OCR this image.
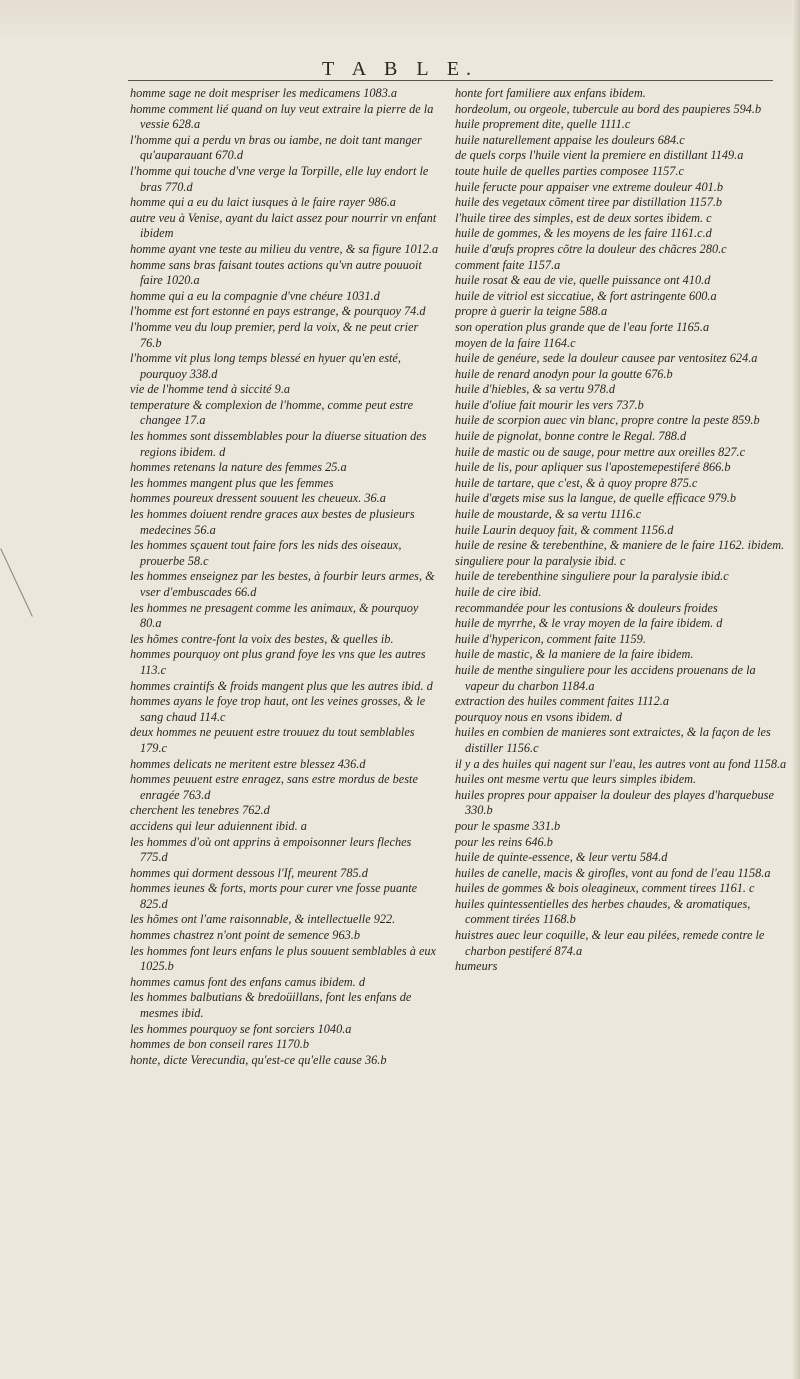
T A B L E.

homme sage ne doit mespriser les medicamens 1083.a

homme comment lié quand on luy veut extraire la pierre de la vessie 628.a

l'homme qui a perdu vn bras ou iambe, ne doit tant manger qu'auparauant 670.d

l'homme qui touche d'vne verge la Torpille, elle luy endort le bras 770.d

homme qui a eu du laict iusques à le faire rayer 986.a

autre veu à Venise, ayant du laict assez pour nourrir vn enfant ibidem

homme ayant vne teste au milieu du ventre, & sa figure 1012.a

homme sans bras faisant toutes actions qu'vn autre pouuoit faire 1020.a

homme qui a eu la compagnie d'vne chéure 1031.d

l'homme est fort estonné en pays estrange, & pourquoy 74.d

l'homme veu du loup premier, perd la voix, & ne peut crier 76.b

l'homme vit plus long temps blessé en hyuer qu'en esté, pourquoy 338.d

vie de l'homme tend à siccité 9.a

temperature & complexion de l'homme, comme peut estre changee 17.a

les hommes sont dissemblables pour la diuerse situation des regions ibidem. d

hommes retenans la nature des femmes 25.a

les hommes mangent plus que les femmes

hommes poureux dressent souuent les cheueux. 36.a

les hommes doiuent rendre graces aux bestes de plusieurs medecines 56.a

les hommes sçauent tout faire fors les nids des oiseaux, prouerbe 58.c

les hommes enseignez par les bestes, à fourbir leurs armes, & vser d'embuscades 66.d

les hommes ne presagent comme les animaux, & pourquoy 80.a

les hõmes contre-font la voix des bestes, & quelles ib.

hommes pourquoy ont plus grand foye les vns que les autres 113.c

hommes craintifs & froids mangent plus que les autres ibid. d

hommes ayans le foye trop haut, ont les veines grosses, & le sang chaud 114.c

deux hommes ne peuuent estre trouuez du tout semblables 179.c

hommes delicats ne meritent estre blessez 436.d

hommes peuuent estre enragez, sans estre mordus de beste enragée 763.d

cherchent les tenebres 762.d

accidens qui leur aduiennent ibid. a

les hommes d'où ont apprins à empoisonner leurs fleches 775.d

hommes qui dorment dessous l'If, meurent 785.d

hommes ieunes & forts, morts pour curer vne fosse puante 825.d

les hõmes ont l'ame raisonnable, & intellectuelle 922.

hommes chastrez n'ont point de semence 963.b

les hommes font leurs enfans le plus souuent semblables à eux 1025.b

hommes camus font des enfans camus ibidem. d

les hommes balbutians & bredoüillans, font les enfans de mesmes ibid.

les hommes pourquoy se font sorciers 1040.a

hommes de bon conseil rares 1170.b

honte, dicte Verecundia, qu'est-ce qu'elle cause 36.b

honte fort familiere aux enfans ibidem.

hordeolum, ou orgeole, tubercule au bord des paupieres 594.b

huile proprement dite, quelle 1111.c

huile naturellement appaise les douleurs 684.c

de quels corps l'huile vient la premiere en distillant 1149.a

toute huile de quelles parties composee 1157.c

huile feructe pour appaiser vne extreme douleur 401.b

huile des vegetaux cõment tiree par distillation 1157.b

l'huile tiree des simples, est de deux sortes ibidem. c

huile de gommes, & les moyens de les faire 1161.c.d

huile d'œufs propres cõtre la douleur des chãcres 280.c

comment faite 1157.a

huile rosat & eau de vie, quelle puissance ont 410.d

huile de vitriol est siccatiue, & fort astringente 600.a

propre à guerir la teigne 588.a

son operation plus grande que de l'eau forte 1165.a

moyen de la faire 1164.c

huile de genéure, sede la douleur causee par ventositez 624.a

huile de renard anodyn pour la goutte 676.b

huile d'hiebles, & sa vertu 978.d

huile d'oliue fait mourir les vers 737.b

huile de scorpion auec vin blanc, propre contre la peste 859.b

huile de pignolat, bonne contre le Regal. 788.d

huile de mastic ou de sauge, pour mettre aux oreilles 827.c

huile de lis, pour apliquer sus l'apostemepestiferé 866.b

huile de tartare, que c'est, & à quoy propre 875.c

huile d'œgets mise sus la langue, de quelle efficace 979.b

huile de moustarde, & sa vertu 1116.c

huile Laurin dequoy fait, & comment 1156.d

huile de resine & terebenthine, & maniere de le faire 1162. ibidem.

singuliere pour la paralysie ibid. c

huile de terebenthine singuliere pour la paralysie ibid.c

huile de cire ibid.

recommandée pour les contusions & douleurs froides

huile de myrrhe, & le vray moyen de la faire ibidem. d

huile d'hypericon, comment faite 1159.

huile de mastic, & la maniere de la faire ibidem.

huile de menthe singuliere pour les accidens prouenans de la vapeur du charbon 1184.a

extraction des huiles comment faites 1112.a

pourquoy nous en vsons ibidem. d

huiles en combien de manieres sont extraictes, & la façon de les distiller 1156.c

il y a des huiles qui nagent sur l'eau, les autres vont au fond 1158.a

huiles ont mesme vertu que leurs simples ibidem.

huiles propres pour appaiser la douleur des playes d'harquebuse 330.b

pour le spasme 331.b

pour les reins 646.b

huile de quinte-essence, & leur vertu 584.d

huiles de canelle, macis & girofles, vont au fond de l'eau 1158.a

huiles de gommes & bois oleagineux, comment tirees 1161. c

huiles quintessentielles des herbes chaudes, & aromatiques, comment tirées 1168.b

huistres auec leur coquille, & leur eau pilées, remede contre le charbon pestiferé 874.a

humeurs
